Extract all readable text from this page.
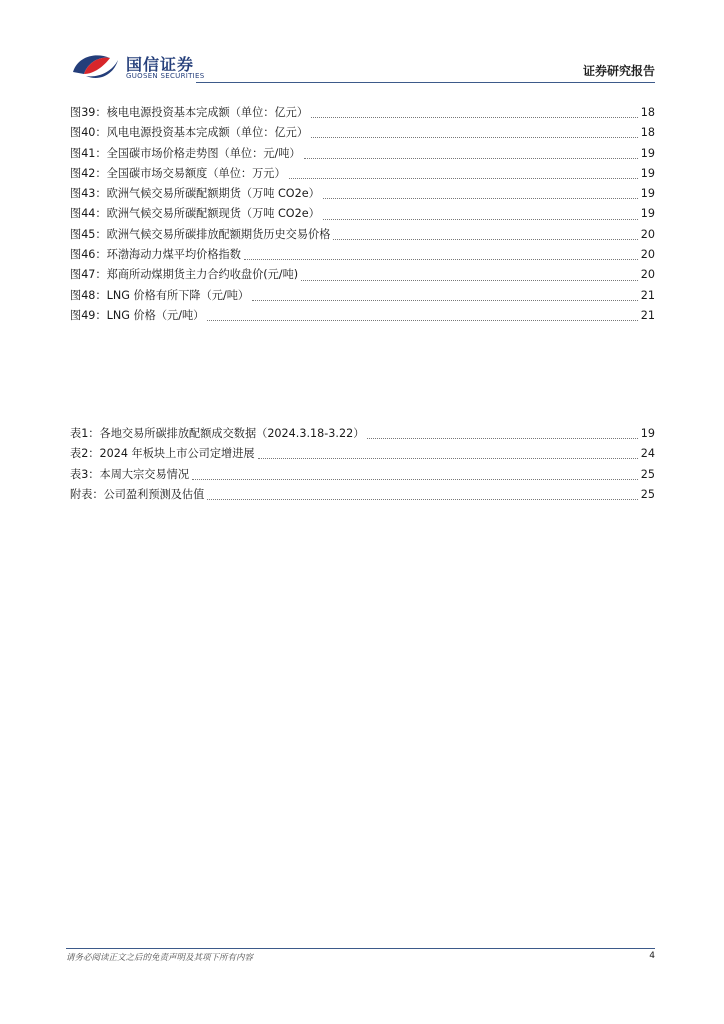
国信证券
GUOSEN SECURITIES	证券研究报告
图39： 核电电源投资基本完成额（单位：亿元）	18
图40： 风电电源投资基本完成额（单位：亿元）	18
图41： 全国碳市场价格走势图（单位：元/吨）	19
图42： 全国碳市场交易额度（单位：万元）	19
图43： 欧洲气候交易所碳配额期货（万吨 CO2e）	19
图44： 欧洲气候交易所碳配额现货（万吨 CO2e）	19
图45： 欧洲气候交易所碳排放配额期货历史交易价格	20
图46： 环渤海动力煤平均价格指数	20
图47： 郑商所动煤期货主力合约收盘价(元/吨)	20
图48： LNG 价格有所下降（元/吨）	21
图49： LNG 价格（元/吨）	21
表1： 各地交易所碳排放配额成交数据（2024.3.18-3.22）	19
表2： 2024 年板块上市公司定增进展	24
表3： 本周大宗交易情况	25
附表： 公司盈利预测及估值	25
请务必阅读正文之后的免责声明及其项下所有内容	4
